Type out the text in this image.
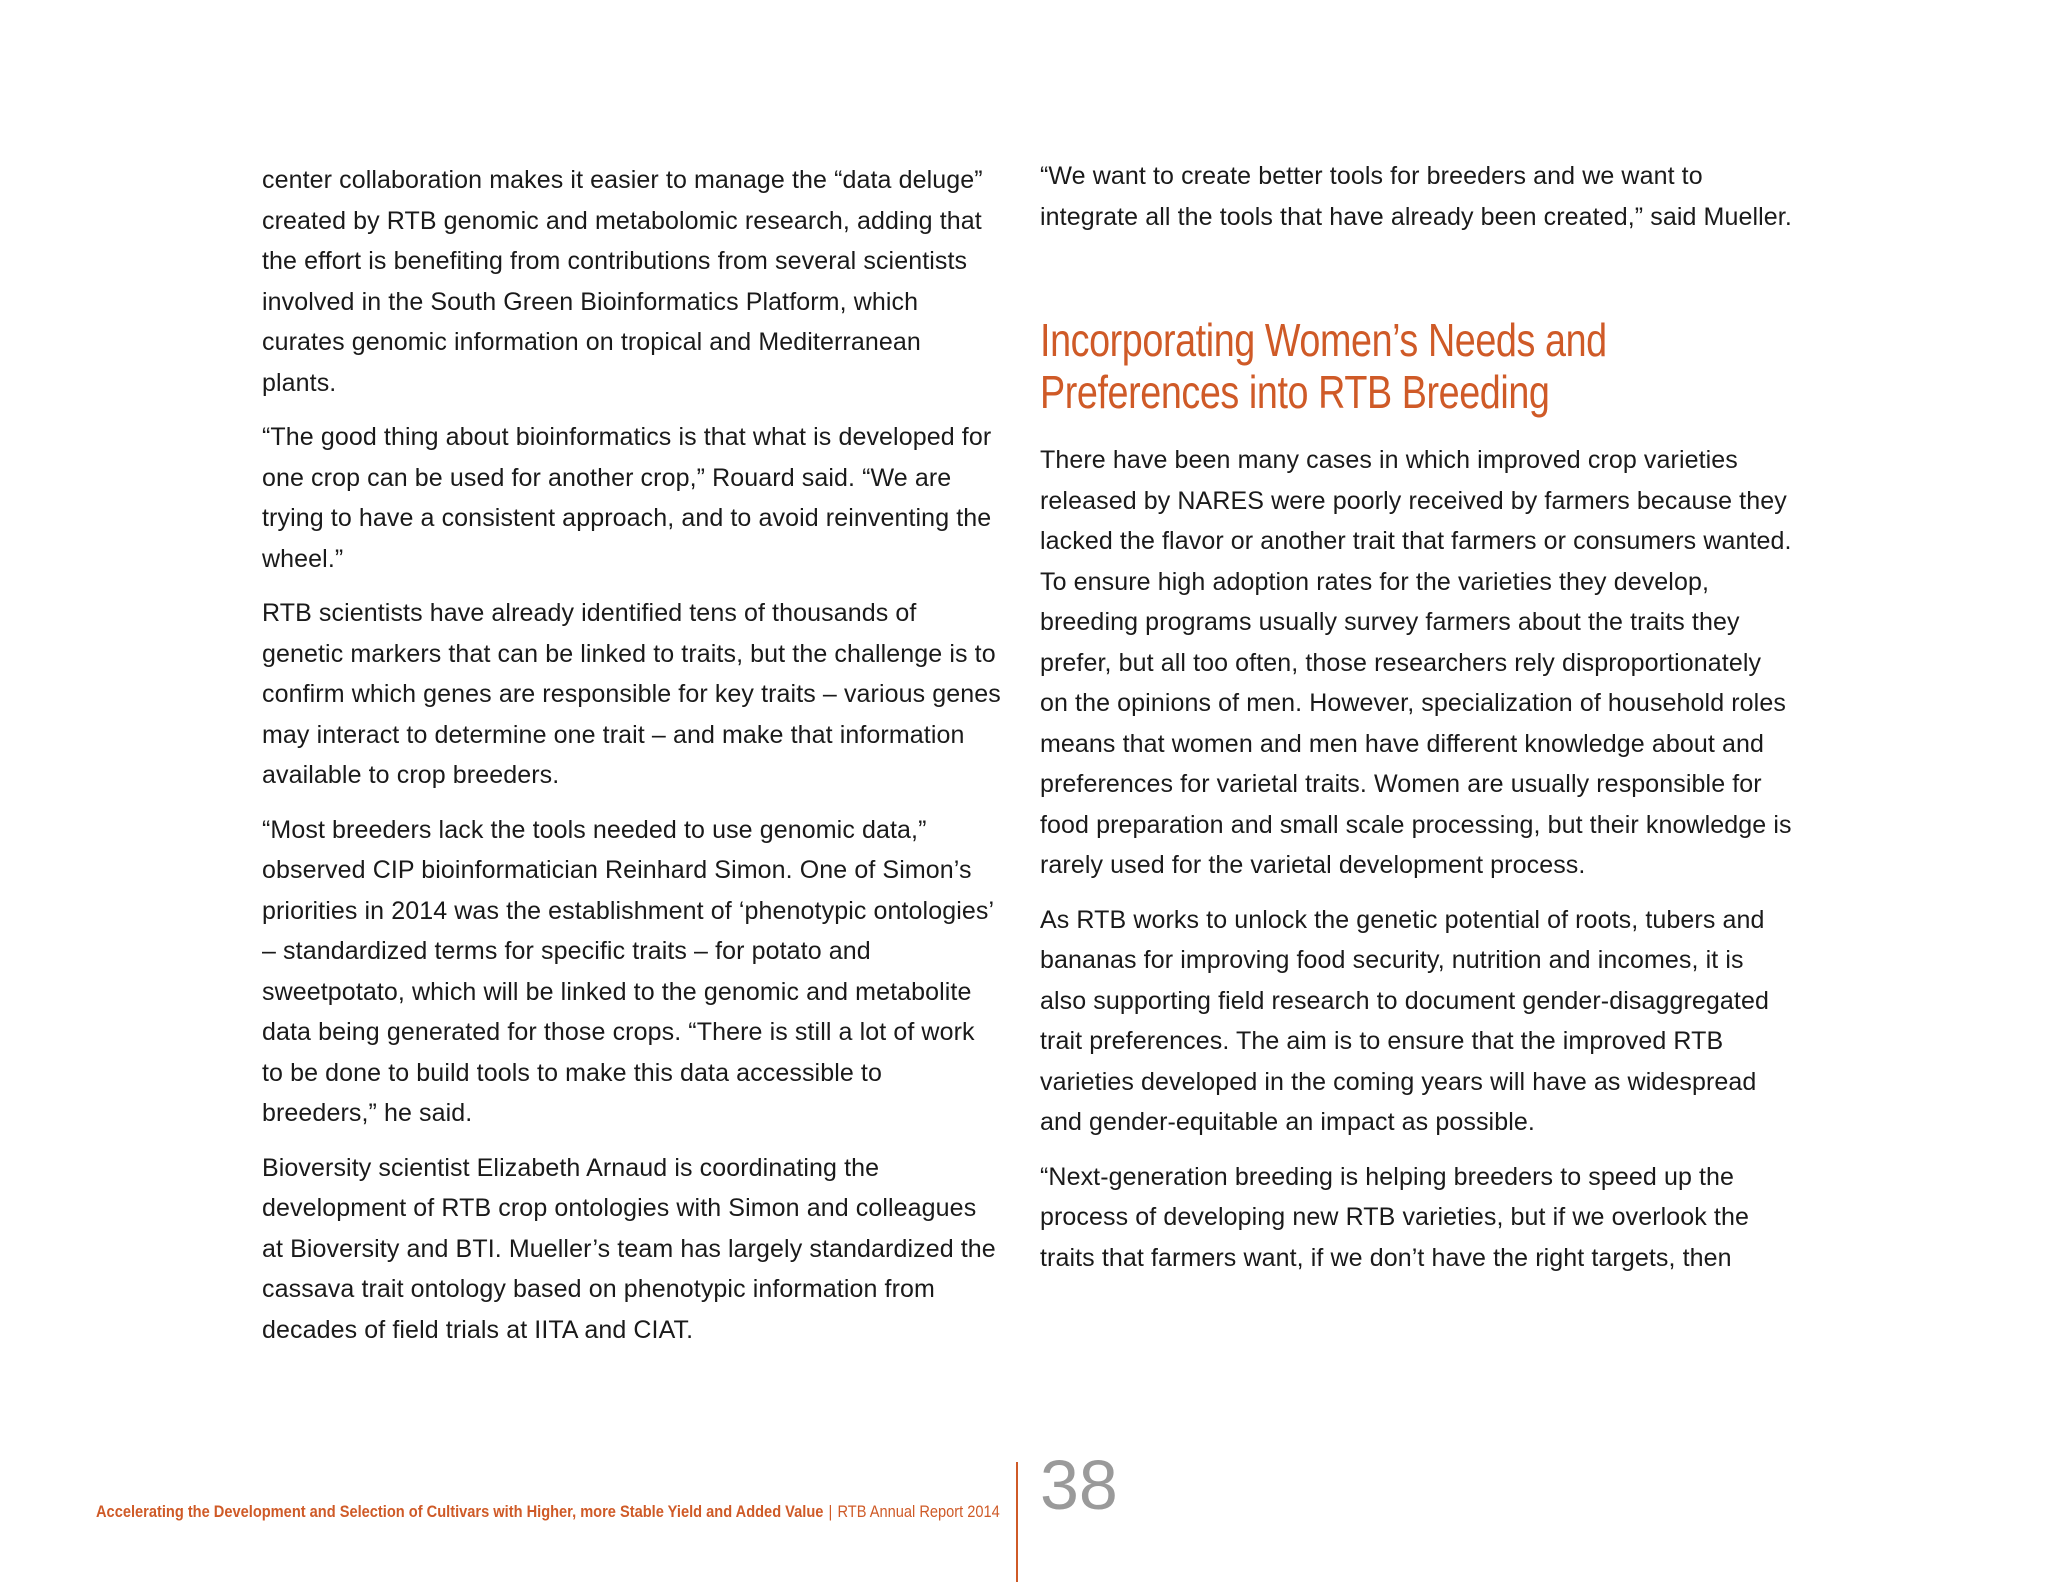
center collaboration makes it easier to manage the “data deluge” created by RTB genomic and metabolomic research, adding that the effort is benefiting from contributions from several scientists involved in the South Green Bioinformatics Platform, which curates genomic information on tropical and Mediterranean plants.

“The good thing about bioinformatics is that what is developed for one crop can be used for another crop,” Rouard said. “We are trying to have a consistent approach, and to avoid reinventing the wheel.”

RTB scientists have already identified tens of thousands of genetic markers that can be linked to traits, but the challenge is to confirm which genes are responsible for key traits – various genes may interact to determine one trait – and make that information available to crop breeders.

“Most breeders lack the tools needed to use genomic data,” observed CIP bioinformatician Reinhard Simon. One of Simon’s priorities in 2014 was the establishment of ‘phenotypic ontologies’ – standardized terms for specific traits – for potato and sweetpotato, which will be linked to the genomic and metabolite data being generated for those crops. “There is still a lot of work to be done to build tools to make this data accessible to breeders,” he said.

Bioversity scientist Elizabeth Arnaud is coordinating the development of RTB crop ontologies with Simon and colleagues at Bioversity and BTI. Mueller’s team has largely standardized the cassava trait ontology based on phenotypic information from decades of field trials at IITA and CIAT.

“We want to create better tools for breeders and we want to integrate all the tools that have already been created,” said Mueller.

Incorporating Women’s Needs and Preferences into RTB Breeding

There have been many cases in which improved crop varieties released by NARES were poorly received by farmers because they lacked the flavor or another trait that farmers or consumers wanted. To ensure high adoption rates for the varieties they develop, breeding programs usually survey farmers about the traits they prefer, but all too often, those researchers rely disproportionately on the opinions of men. However, specialization of household roles means that women and men have different knowledge about and preferences for varietal traits. Women are usually responsible for food preparation and small scale processing, but their knowledge is rarely used for the varietal development process.

As RTB works to unlock the genetic potential of roots, tubers and bananas for improving food security, nutrition and incomes, it is also supporting field research to document gender-disaggregated trait preferences. The aim is to ensure that the improved RTB varieties developed in the coming years will have as widespread and gender-equitable an impact as possible.

“Next-generation breeding is helping breeders to speed up the process of developing new RTB varieties, but if we overlook the traits that farmers want, if we don’t have the right targets, then

Accelerating the Development and Selection of Cultivars with Higher, more Stable Yield and Added Value | RTB Annual Report 2014 38
